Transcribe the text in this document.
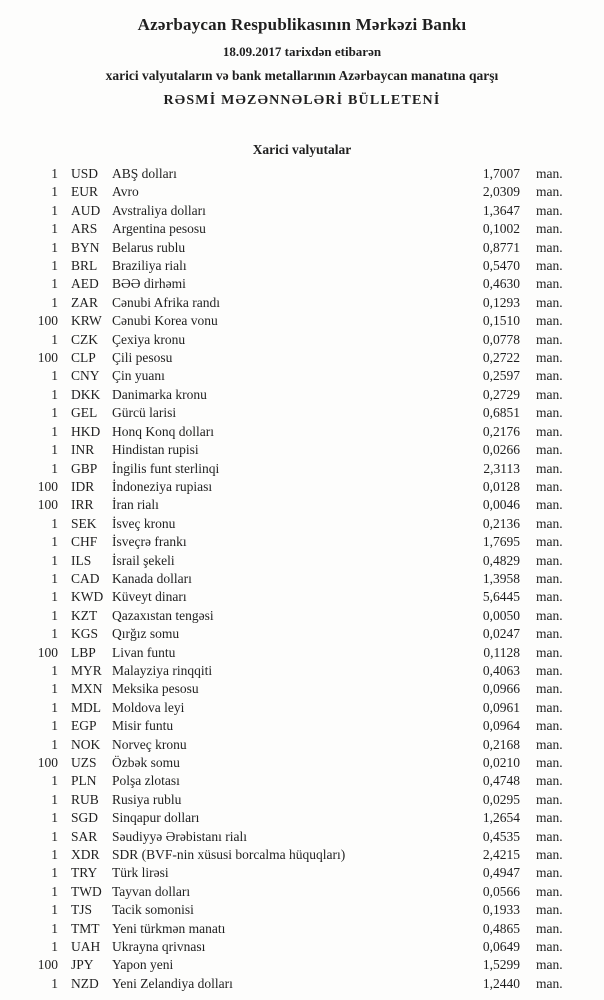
Azərbaycan Respublikasının Mərkəzi Bankı
18.09.2017 tarixdən etibarən
xarici valyutaların və bank metallarının Azərbaycan manatına qarşı
RƏSMİ MƏZƏNNƏLƏRİ BÜLLETENİ
Xarici valyutalar
1 USD	ABŞ dolları	1,7007	man.
1 EUR	Avro	2,0309	man.
1 AUD Avstraliya dolları	1,3647	man.
1 ARS	Argentina pesosu	0,1002	man.
1 BYN Belarus rublu	0,8771	man.
1 BRL	Braziliya rialı	0,5470	man.
1 AED BƏƏ dirhəmi	0,4630	man.
1 ZAR	Cənubi Afrika randı	0,1293	man.
100 KRW Cənubi Korea vonu	0,1510	man.
1 CZK	Çexiya kronu	0,0778	man.
100 CLP	Çili pesosu	0,2722	man.
1 CNY Çin yuanı	0,2597	man.
1 DKK Danimarka kronu	0,2729	man.
1 GEL	Gürcü larisi	0,6851	man.
1 HKD Honq Konq dolları	0,2176	man.
1 INR	Hindistan rupisi	0,0266	man.
1 GBP	İngilis funt sterlinqi	2,3113	man.
100 IDR	İndoneziya rupiası	0,0128	man.
100 IRR	İran rialı	0,0046	man.
1 SEK	İsveç kronu	0,2136	man.
1 CHF	İsveçrə frankı	1,7695	man.
1 ILS	İsrail şekeli	0,4829	man.
1 CAD Kanada dolları	1,3958	man.
1 KWD Küveyt dinarı	5,6445	man.
1 KZT	Qazaxıstan tengəsi	0,0050	man.
1 KGS	Qırğız somu	0,0247	man.
100 LBP	Livan funtu	0,1128	man.
1 MYR Malayziya rinqqiti	0,4063	man.
1 MXN Meksika pesosu	0,0966	man.
1 MDL Moldova leyi	0,0961	man.
1 EGP	Misir funtu	0,0964	man.
1 NOK Norveç kronu	0,2168	man.
100 UZS	Özbək somu	0,0210	man.
1 PLN	Polşa zlotası	0,4748	man.
1 RUB Rusiya rublu	0,0295	man.
1 SGD	Sinqapur dolları	1,2654	man.
1 SAR	Səudiyyə Ərəbistanı rialı	0,4535	man.
1 XDR SDR (BVF-nin xüsusi borcalma hüquqları)	2,4215	man.
1 TRY	Türk lirəsi	0,4947	man.
1 TWD Tayvan dolları	0,0566	man.
1 TJS	Tacik somonisi	0,1933	man.
1 TMT Yeni türkmən manatı	0,4865	man.
1 UAH Ukrayna qrivnası	0,0649	man.
100 JPY	Yapon yeni	1,5299	man.
1 NZD Yeni Zelandiya dolları	1,2440	man.
